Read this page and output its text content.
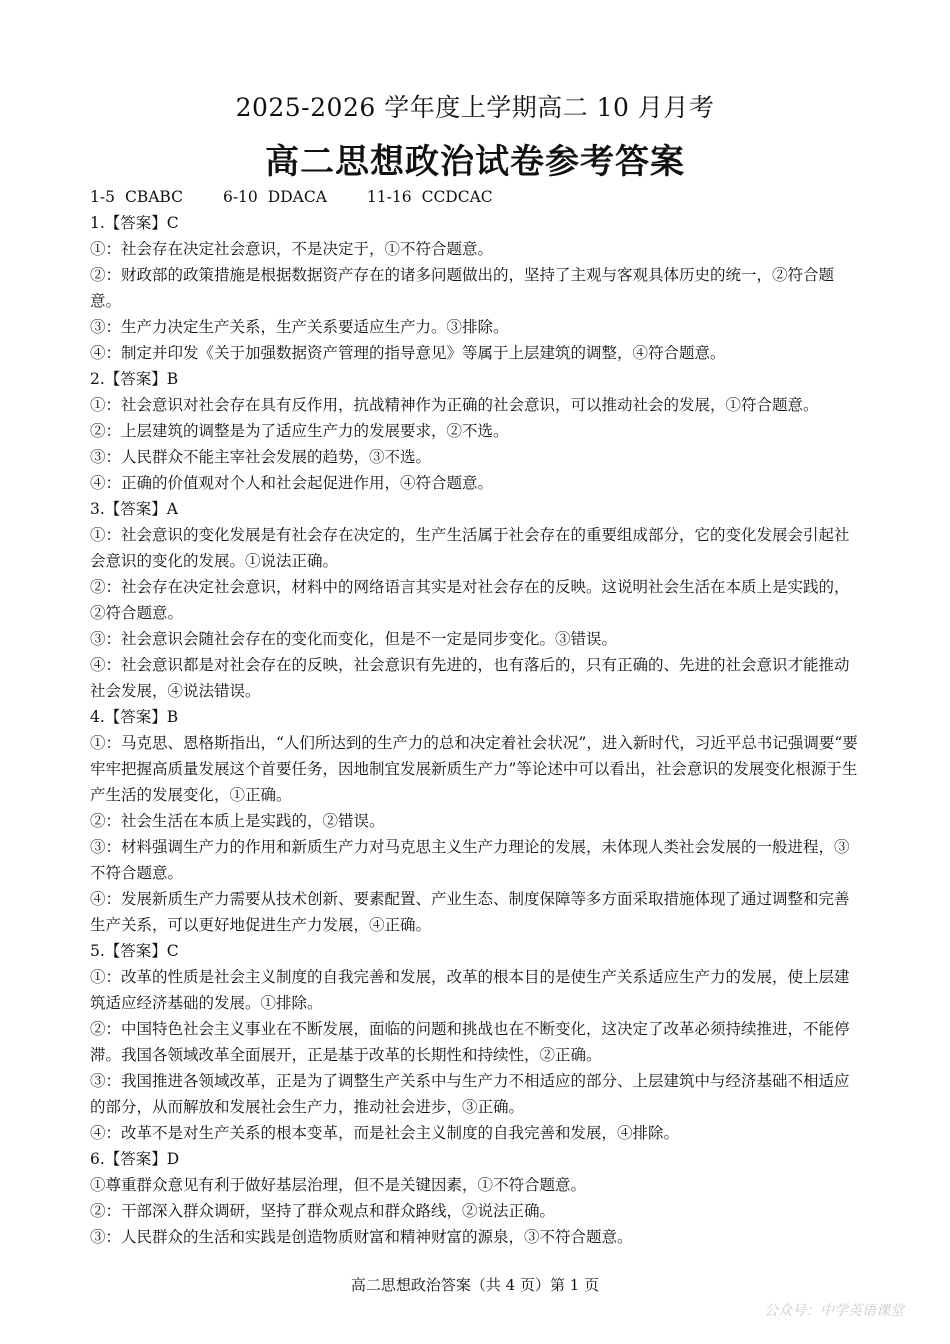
2025-2026 学年度上学期高二 10 月月考
高二思想政治试卷参考答案

1-5 CBABC	6-10 DDACA	11-16 CCDCAC

1.【答案】C

①：社会存在决定社会意识，不是决定于，①不符合题意。

②：财政部的政策措施是根据数据资产存在的诸多问题做出的，坚持了主观与客观具体历史的统一，②符合题意。

③：生产力决定生产关系，生产关系要适应生产力。③排除。

④：制定并印发《关于加强数据资产管理的指导意见》等属于上层建筑的调整，④符合题意。

2.【答案】B

①：社会意识对社会存在具有反作用，抗战精神作为正确的社会意识，可以推动社会的发展，①符合题意。

②：上层建筑的调整是为了适应生产力的发展要求，②不选。

③：人民群众不能主宰社会发展的趋势，③不选。

④：正确的价值观对个人和社会起促进作用，④符合题意。

3.【答案】A

①：社会意识的变化发展是有社会存在决定的，生产生活属于社会存在的重要组成部分，它的变化发展会引起社会意识的变化的发展。①说法正确。

②：社会存在决定社会意识，材料中的网络语言其实是对社会存在的反映。这说明社会生活在本质上是实践的，②符合题意。

③：社会意识会随社会存在的变化而变化，但是不一定是同步变化。③错误。

④：社会意识都是对社会存在的反映，社会意识有先进的，也有落后的，只有正确的、先进的社会意识才能推动社会发展，④说法错误。

4.【答案】B

①：马克思、恩格斯指出，“人们所达到的生产力的总和决定着社会状况”，进入新时代，习近平总书记强调要“要牢牢把握高质量发展这个首要任务，因地制宜发展新质生产力”等论述中可以看出，社会意识的发展变化根源于生产生活的发展变化，①正确。

②：社会生活在本质上是实践的，②错误。

③：材料强调生产力的作用和新质生产力对马克思主义生产力理论的发展，未体现人类社会发展的一般进程，③不符合题意。

④：发展新质生产力需要从技术创新、要素配置、产业生态、制度保障等多方面采取措施体现了通过调整和完善生产关系，可以更好地促进生产力发展，④正确。

5.【答案】C

①：改革的性质是社会主义制度的自我完善和发展，改革的根本目的是使生产关系适应生产力的发展，使上层建筑适应经济基础的发展。①排除。

②：中国特色社会主义事业在不断发展，面临的问题和挑战也在不断变化，这决定了改革必须持续推进，不能停滞。我国各领域改革全面展开，正是基于改革的长期性和持续性，②正确。

③：我国推进各领域改革，正是为了调整生产关系中与生产力不相适应的部分、上层建筑中与经济基础不相适应的部分，从而解放和发展社会生产力，推动社会进步，③正确。

④：改革不是对生产关系的根本变革，而是社会主义制度的自我完善和发展，④排除。

6.【答案】D

①尊重群众意见有利于做好基层治理，但不是关键因素，①不符合题意。

②：干部深入群众调研，坚持了群众观点和群众路线，②说法正确。

③：人民群众的生活和实践是创造物质财富和精神财富的源泉，③不符合题意。

高二思想政治答案（共 4 页）第 1 页
公众号：中学英语课堂
